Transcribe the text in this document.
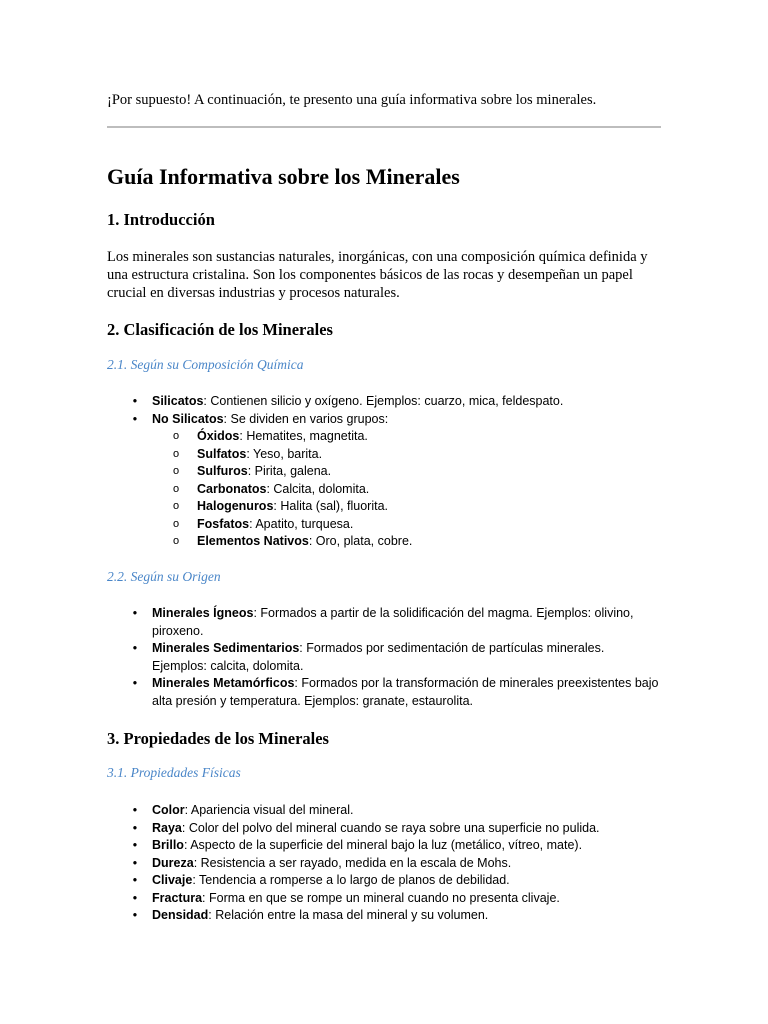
¡Por supuesto! A continuación, te presento una guía informativa sobre los minerales.
Guía Informativa sobre los Minerales
1. Introducción

Los minerales son sustancias naturales, inorgánicas, con una composición química definida y una estructura cristalina. Son los componentes básicos de las rocas y desempeñan un papel crucial en diversas industrias y procesos naturales.

2. Clasificación de los Minerales
2.1. Según su Composición Química
• Silicatos: Contienen silicio y oxígeno. Ejemplos: cuarzo, mica, feldespato.
• No Silicatos: Se dividen en varios grupos:
o Óxidos: Hematites, magnetita.
o Sulfatos: Yeso, barita.
o Sulfuros: Pirita, galena.
o Carbonatos: Calcita, dolomita.
o Halogenuros: Halita (sal), fluorita.
o Fosfatos: Apatito, turquesa.
o Elementos Nativos: Oro, plata, cobre.
2.2. Según su Origen
• Minerales Ígneos: Formados a partir de la solidificación del magma. Ejemplos: olivino, piroxeno.
• Minerales Sedimentarios: Formados por sedimentación de partículas minerales. Ejemplos: calcita, dolomita.
• Minerales Metamórficos: Formados por la transformación de minerales preexistentes bajo alta presión y temperatura. Ejemplos: granate, estaurolita.
3. Propiedades de los Minerales
3.1. Propiedades Físicas
• Color: Apariencia visual del mineral.
• Raya: Color del polvo del mineral cuando se raya sobre una superficie no pulida.
• Brillo: Aspecto de la superficie del mineral bajo la luz (metálico, vítreo, mate).
• Dureza: Resistencia a ser rayado, medida en la escala de Mohs.
• Clivaje: Tendencia a romperse a lo largo de planos de debilidad.
• Fractura: Forma en que se rompe un mineral cuando no presenta clivaje.
• Densidad: Relación entre la masa del mineral y su volumen.
